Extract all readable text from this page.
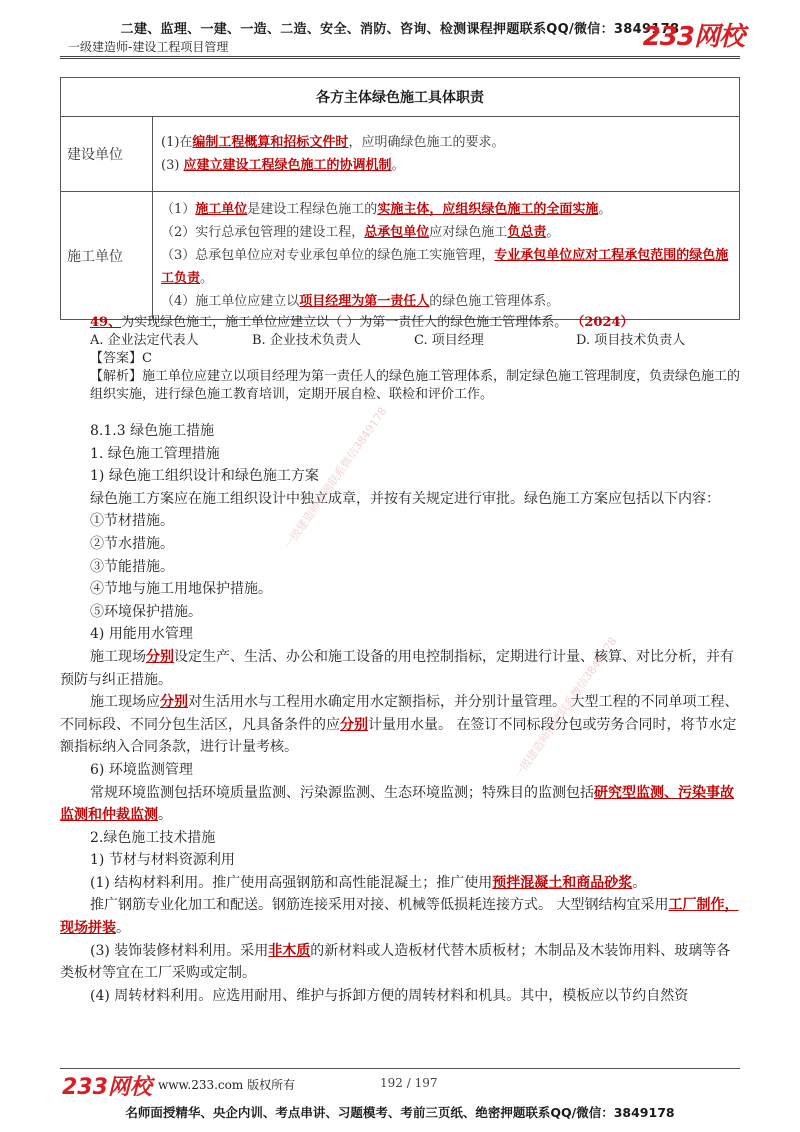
二建、监理、一建、一造、二造、安全、消防、咨询、检测课程押题联系QQ/微信：3849178
一级建造师-建设工程项目管理	233网校
一级建造师押题联系微信3849178
一级建造师押题联系微信3849178
各方主体绿色施工具体职责	
建设单位	(1)在编制工程概算和招标文件时，应明确绿色施工的要求。
(3) 应建立建设工程绿色施工的协调机制。

施工单位	（1）施工单位是建设工程绿色施工的实施主体，应组织绿色施工的全面实施。
（2）实行总承包管理的建设工程，总承包单位应对绿色施工负总责。
（3）总承包单位应对专业承包单位的绿色施工实施管理，专业承包单位应对工程承包范围的绿色施工负责。
（4）施工单位应建立以项目经理为第一责任人的绿色施工管理体系。
49、为实现绿色施工，施工单位应建立以（ ）为第一责任人的绿色施工管理体系。 （2024）
A. 企业法定代表人	B. 企业技术负责人	C. 项目经理	D. 项目技术负责人
【答案】C
【解析】施工单位应建立以项目经理为第一责任人的绿色施工管理体系，制定绿色施工管理制度，负责绿色施工的组织实施，进行绿色施工教育培训，定期开展自检、联检和评价工作。

8.1.3 绿色施工措施

1. 绿色施工管理措施

1) 绿色施工组织设计和绿色施工方案

绿色施工方案应在施工组织设计中独立成章，并按有关规定进行审批。绿色施工方案应包括以下内容：

①节材措施。

②节水措施。

③节能措施。

④节地与施工用地保护措施。

⑤环境保护措施。

4) 用能用水管理

施工现场分别设定生产、生活、办公和施工设备的用电控制指标，定期进行计量、核算、对比分析，并有预防与纠正措施。

施工现场应分别对生活用水与工程用水确定用水定额指标，并分别计量管理。 大型工程的不同单项工程、不同标段、不同分包生活区，凡具备条件的应分别计量用水量。 在签订不同标段分包或劳务合同时，将节水定额指标纳入合同条款，进行计量考核。

6) 环境监测管理

常规环境监测包括环境质量监测、污染源监测、生态环境监测；特殊目的监测包括研究型监测、污染事故监测和仲裁监测。

2.绿色施工技术措施

1) 节材与材料资源利用

(1) 结构材料利用。推广使用高强钢筋和高性能混凝土；推广使用预拌混凝土和商品砂浆。

推广钢筋专业化加工和配送。钢筋连接采用对接、机械等低损耗连接方式。 大型钢结构宜采用工厂制作，现场拼装。

(3) 装饰装修材料利用。采用非木质的新材料或人造板材代替木质板材；木制品及木装饰用料、玻璃等各类板材等宜在工厂采购或定制。

(4) 周转材料利用。应选用耐用、维护与拆卸方便的周转材料和机具。其中，模板应以节约自然资

233网校 www.233.com 版权所有	192 / 197
名师面授精华、央企内训、考点串讲、习题模考、考前三页纸、绝密押题联系QQ/微信：3849178
